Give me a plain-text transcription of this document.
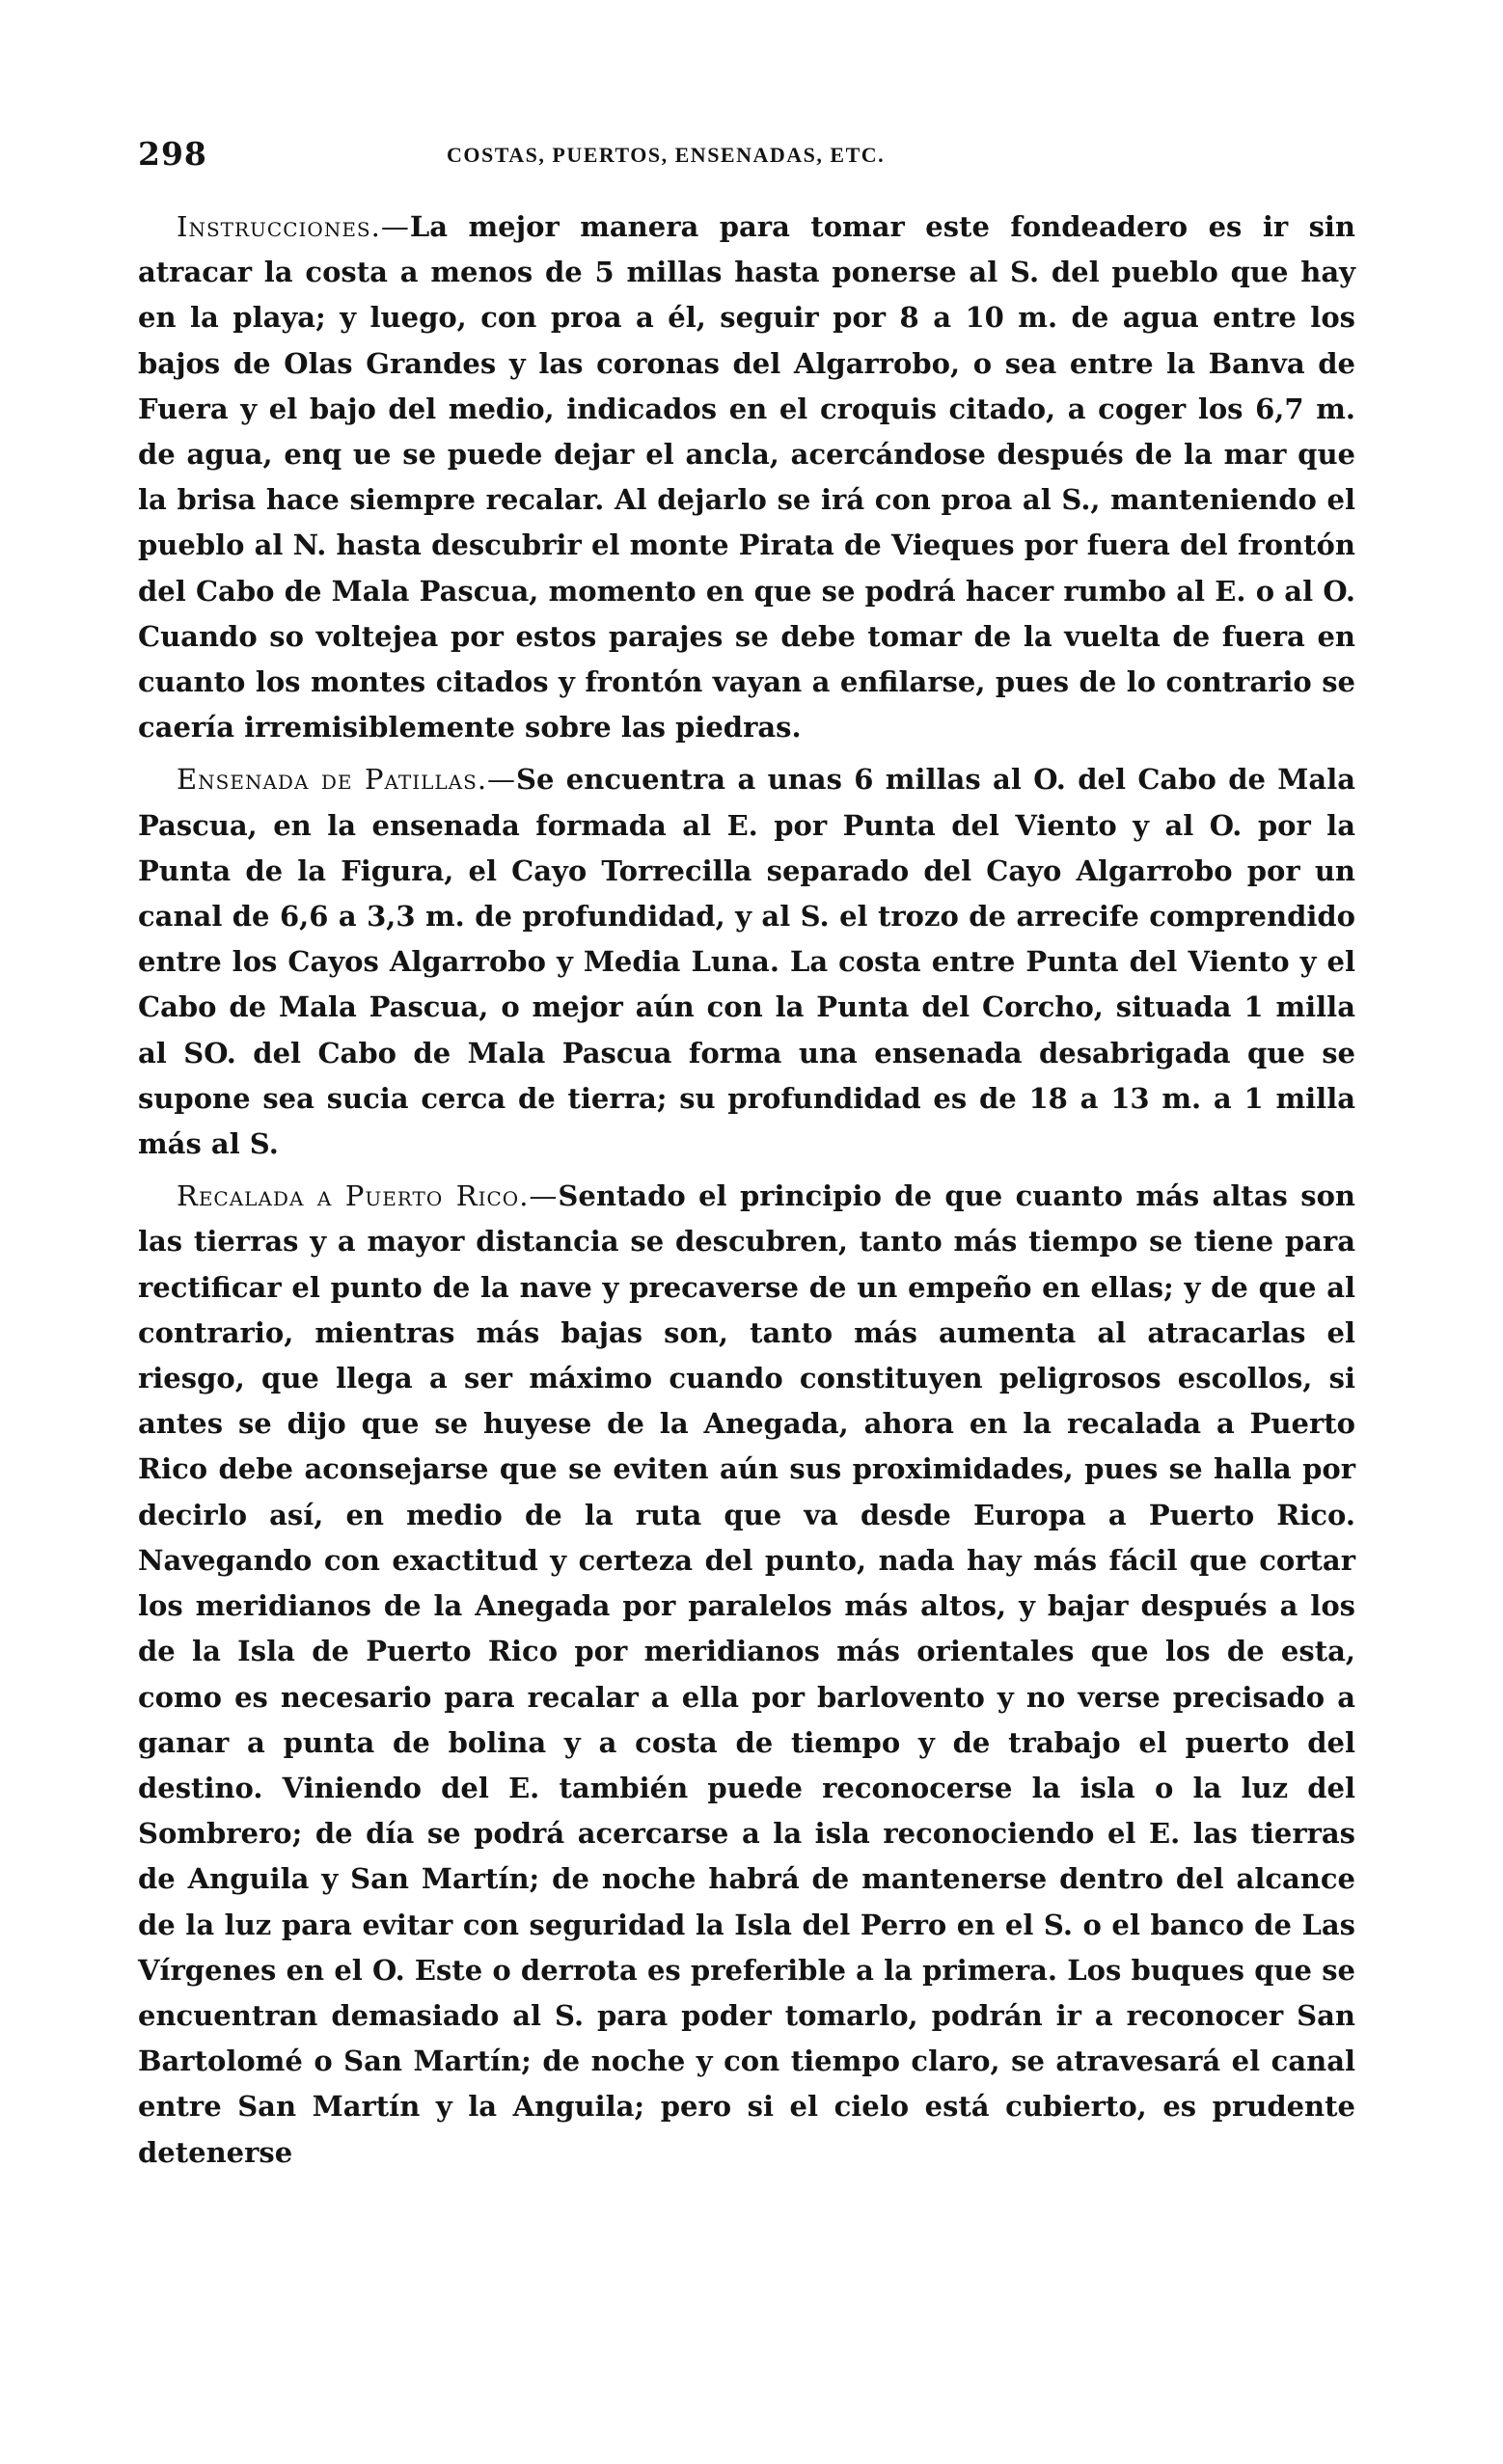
298	COSTAS, PUERTOS, ENSENADAS, ETC.

Instrucciones.—La mejor manera para tomar este fondeadero es ir sin atracar la costa a menos de 5 millas hasta ponerse al S. del pueblo que hay en la playa; y luego, con proa a él, seguir por 8 a 10 m. de agua entre los bajos de Olas Grandes y las coronas del Algarrobo, o sea entre la Banva de Fuera y el bajo del medio, indicados en el croquis citado, a coger los 6,7 m. de agua, enq ue se puede dejar el ancla, acercándose después de la mar que la brisa hace siempre recalar. Al dejarlo se irá con proa al S., manteniendo el pueblo al N. hasta descubrir el monte Pirata de Vieques por fuera del frontón del Cabo de Mala Pascua, momento en que se podrá hacer rumbo al E. o al O. Cuando so voltejea por estos parajes se debe tomar de la vuelta de fuera en cuanto los montes citados y frontón vayan a enfilarse, pues de lo contrario se caería irremisiblemente sobre las piedras.

Ensenada de Patillas.—Se encuentra a unas 6 millas al O. del Cabo de Mala Pascua, en la ensenada formada al E. por Punta del Viento y al O. por la Punta de la Figura, el Cayo Torrecilla separado del Cayo Algarrobo por un canal de 6,6 a 3,3 m. de profundidad, y al S. el trozo de arrecife comprendido entre los Cayos Algarrobo y Media Luna. La costa entre Punta del Viento y el Cabo de Mala Pascua, o mejor aún con la Punta del Corcho, situada 1 milla al SO. del Cabo de Mala Pascua forma una ensenada desabrigada que se supone sea sucia cerca de tierra; su profundidad es de 18 a 13 m. a 1 milla más al S.

Recalada a Puerto Rico.—Sentado el principio de que cuanto más altas son las tierras y a mayor distancia se descubren, tanto más tiempo se tiene para rectificar el punto de la nave y precaverse de un empeño en ellas; y de que al contrario, mientras más bajas son, tanto más aumenta al atracarlas el riesgo, que llega a ser máximo cuando constituyen peligrosos escollos, si antes se dijo que se huyese de la Anegada, ahora en la recalada a Puerto Rico debe aconsejarse que se eviten aún sus proximidades, pues se halla por decirlo así, en medio de la ruta que va desde Europa a Puerto Rico. Navegando con exactitud y certeza del punto, nada hay más fácil que cortar los meridianos de la Anegada por paralelos más altos, y bajar después a los de la Isla de Puerto Rico por meridianos más orientales que los de esta, como es necesario para recalar a ella por barlovento y no verse precisado a ganar a punta de bolina y a costa de tiempo y de trabajo el puerto del destino. Viniendo del E. también puede reconocerse la isla o la luz del Sombrero; de día se podrá acercarse a la isla reconociendo el E. las tierras de Anguila y San Martín; de noche habrá de mantenerse dentro del alcance de la luz para evitar con seguridad la Isla del Perro en el S. o el banco de Las Vírgenes en el O. Este o derrota es preferible a la primera. Los buques que se encuentran demasiado al S. para poder tomarlo, podrán ir a reconocer San Bartolomé o San Martín; de noche y con tiempo claro, se atravesará el canal entre San Martín y la Anguila; pero si el cielo está cubierto, es prudente detenerse
